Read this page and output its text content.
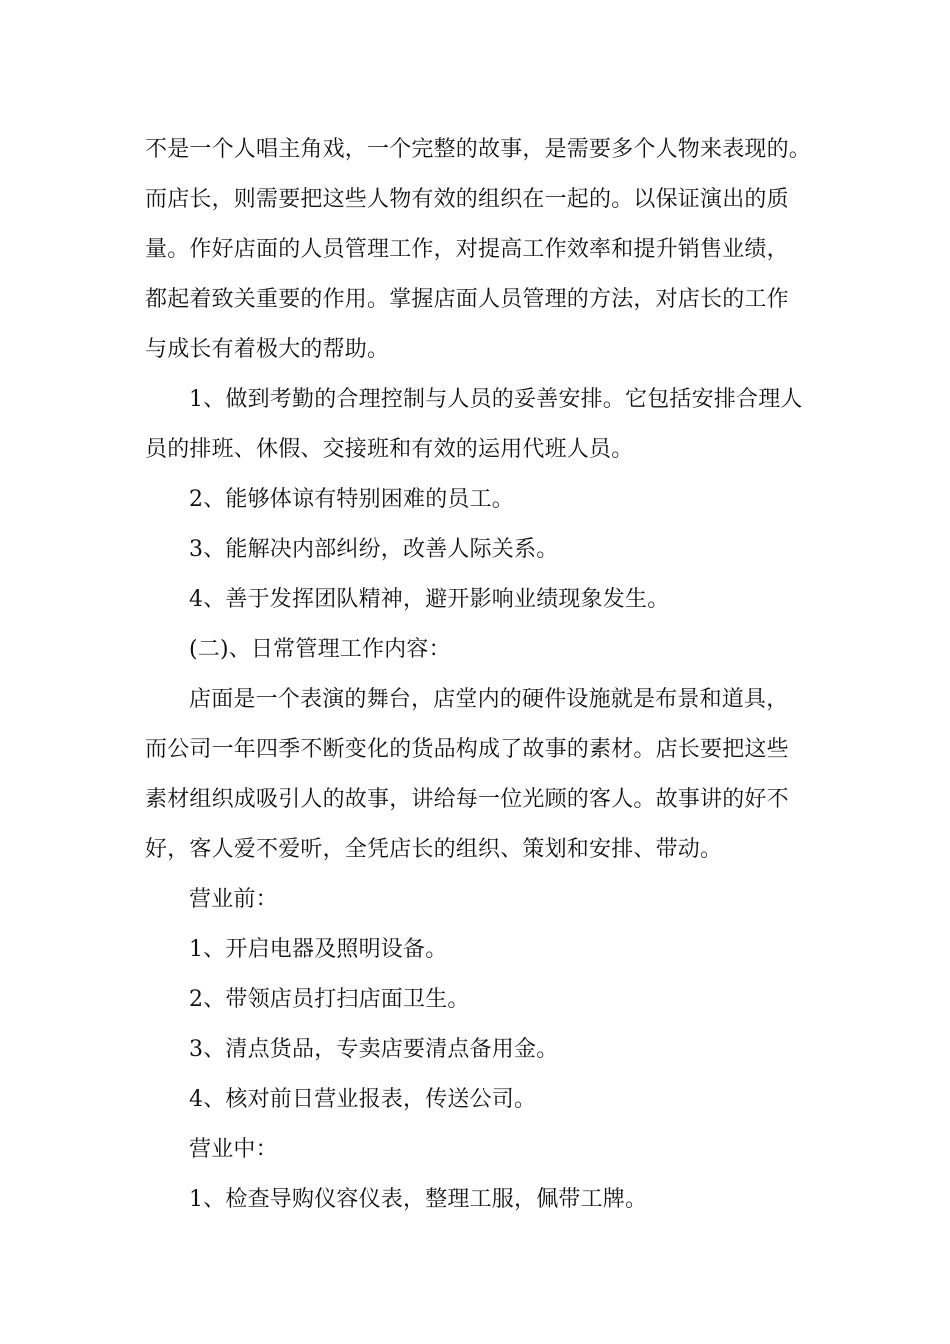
不是一个人唱主角戏，一个完整的故事，是需要多个人物来表现的。
而店长，则需要把这些人物有效的组织在一起的。以保证演出的质
量。作好店面的人员管理工作，对提高工作效率和提升销售业绩，
都起着致关重要的作用。掌握店面人员管理的方法，对店长的工作
与成长有着极大的帮助。
1、做到考勤的合理控制与人员的妥善安排。它包括安排合理人
员的排班、休假、交接班和有效的运用代班人员。
2、能够体谅有特别困难的员工。
3、能解决内部纠纷，改善人际关系。
4、善于发挥团队精神，避开影响业绩现象发生。
(二)、日常管理工作内容：
店面是一个表演的舞台，店堂内的硬件设施就是布景和道具，
而公司一年四季不断变化的货品构成了故事的素材。店长要把这些
素材组织成吸引人的故事，讲给每一位光顾的客人。故事讲的好不
好，客人爱不爱听，全凭店长的组织、策划和安排、带动。
营业前：
1、开启电器及照明设备。
2、带领店员打扫店面卫生。
3、清点货品，专卖店要清点备用金。
4、核对前日营业报表，传送公司。
营业中：
1、检查导购仪容仪表，整理工服，佩带工牌。
